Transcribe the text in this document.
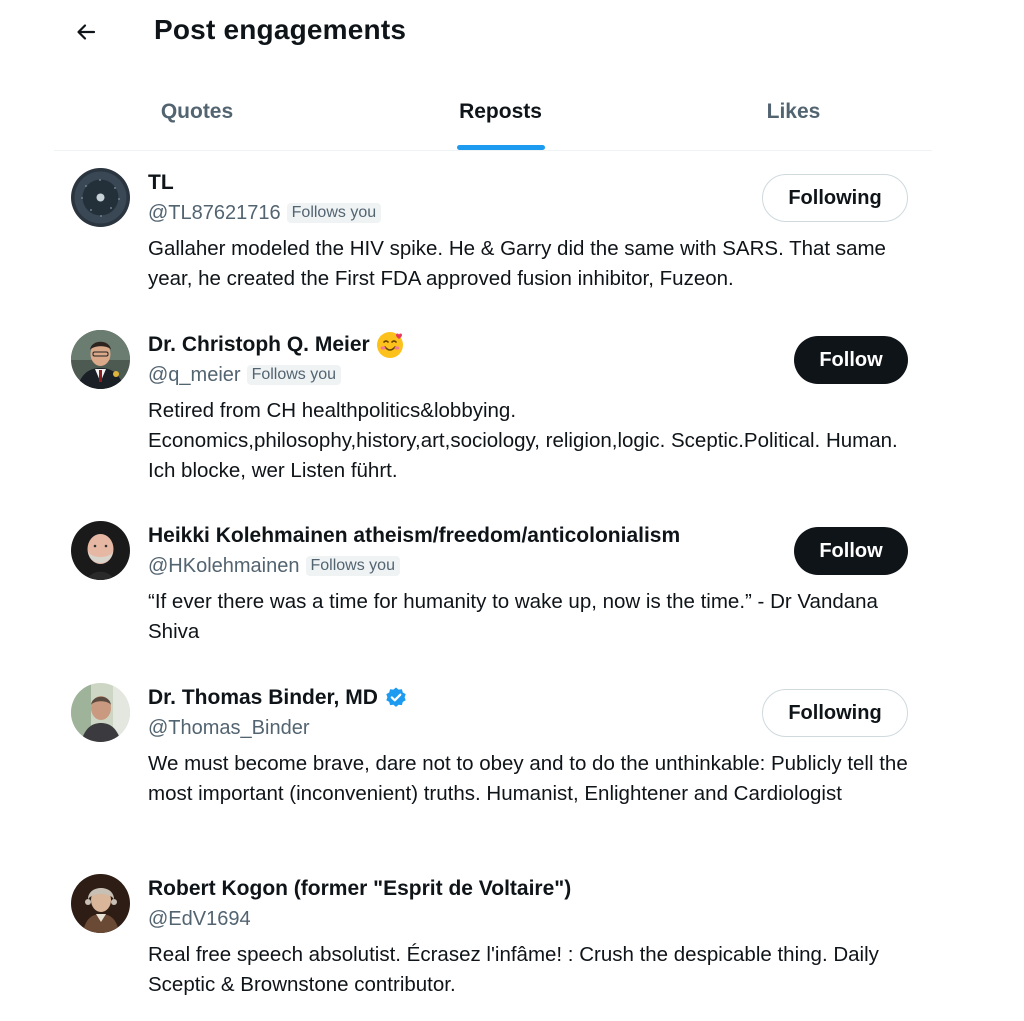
Post engagements
Quotes	Reposts	Likes
TL
@TL87621716 Follows you
Gallaher modeled the HIV spike. He & Garry did the same with SARS. That same year, he created the First FDA approved fusion inhibitor, Fuzeon.
Following
Dr. Christoph Q. Meier
@q_meier Follows you
Retired from CH healthpolitics&lobbying. Economics,philosophy,history,art,sociology, religion,logic. Sceptic.Political. Human. Ich blocke, wer Listen führt.
Follow
Heikki Kolehmainen atheism/freedom/anticolonialism
@HKolehmainen Follows you
“If ever there was a time for humanity to wake up, now is the time.” - Dr Vandana Shiva
Follow
Dr. Thomas Binder, MD
@Thomas_Binder
We must become brave, dare not to obey and to do the unthinkable: Publicly tell the most important (inconvenient) truths. Humanist, Enlightener and Cardiologist
Following
Robert Kogon (former "Esprit de Voltaire")
@EdV1694
Real free speech absolutist. Écrasez l'infâme! : Crush the despicable thing. Daily Sceptic & Brownstone contributor.
